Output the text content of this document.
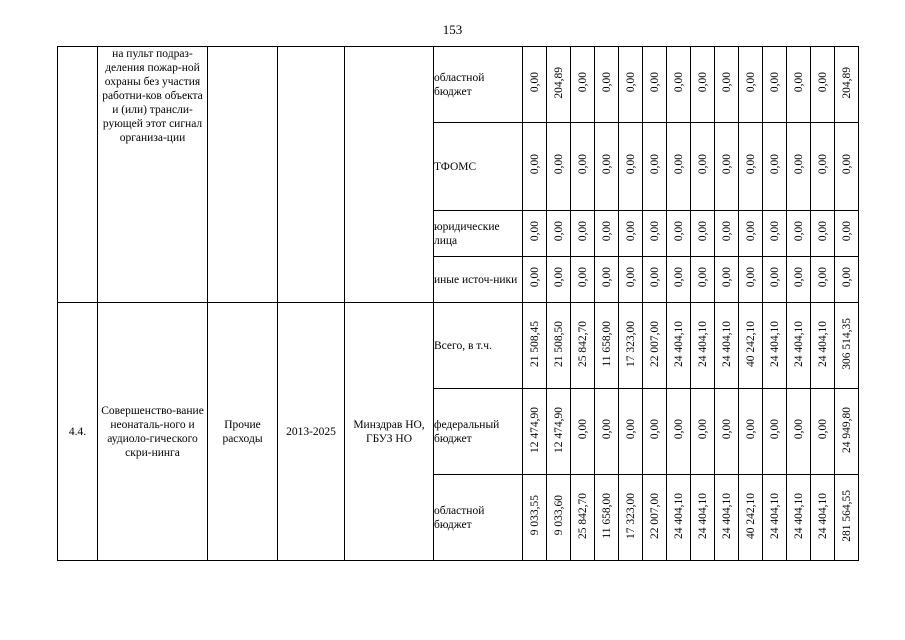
153
	на пульт подраз-деления пожар-ной охраны без участия работни-ков объекта и (или) трансли-рующей этот сигнал организа-ции				областной бюджет	0,00	204,89	0,00	0,00	0,00	0,00	0,00	0,00	0,00	0,00	0,00	0,00	0,00	204,89
					ТФОМС	0,00	0,00	0,00	0,00	0,00	0,00	0,00	0,00	0,00	0,00	0,00	0,00	0,00	0,00
					юридические лица	0,00	0,00	0,00	0,00	0,00	0,00	0,00	0,00	0,00	0,00	0,00	0,00	0,00	0,00
					иные источ-ники	0,00	0,00	0,00	0,00	0,00	0,00	0,00	0,00	0,00	0,00	0,00	0,00	0,00	0,00
4.4.	Совершенство-вание неонаталь-ного и аудиоло-гического скри-нинга	Прочие расходы	2013-2025	Минздрав НО, ГБУЗ НО	Всего, в т.ч.	21 508,45	21 508,50	25 842,70	11 658,00	17 323,00	22 007,00	24 404,10	24 404,10	24 404,10	40 242,10	24 404,10	24 404,10	24 404,10	306 514,35
					федеральный бюджет	12 474,90	12 474,90	0,00	0,00	0,00	0,00	0,00	0,00	0,00	0,00	0,00	0,00	0,00	24 949,80
					областной бюджет	9 033,55	9 033,60	25 842,70	11 658,00	17 323,00	22 007,00	24 404,10	24 404,10	24 404,10	40 242,10	24 404,10	24 404,10	24 404,10	281 564,55
